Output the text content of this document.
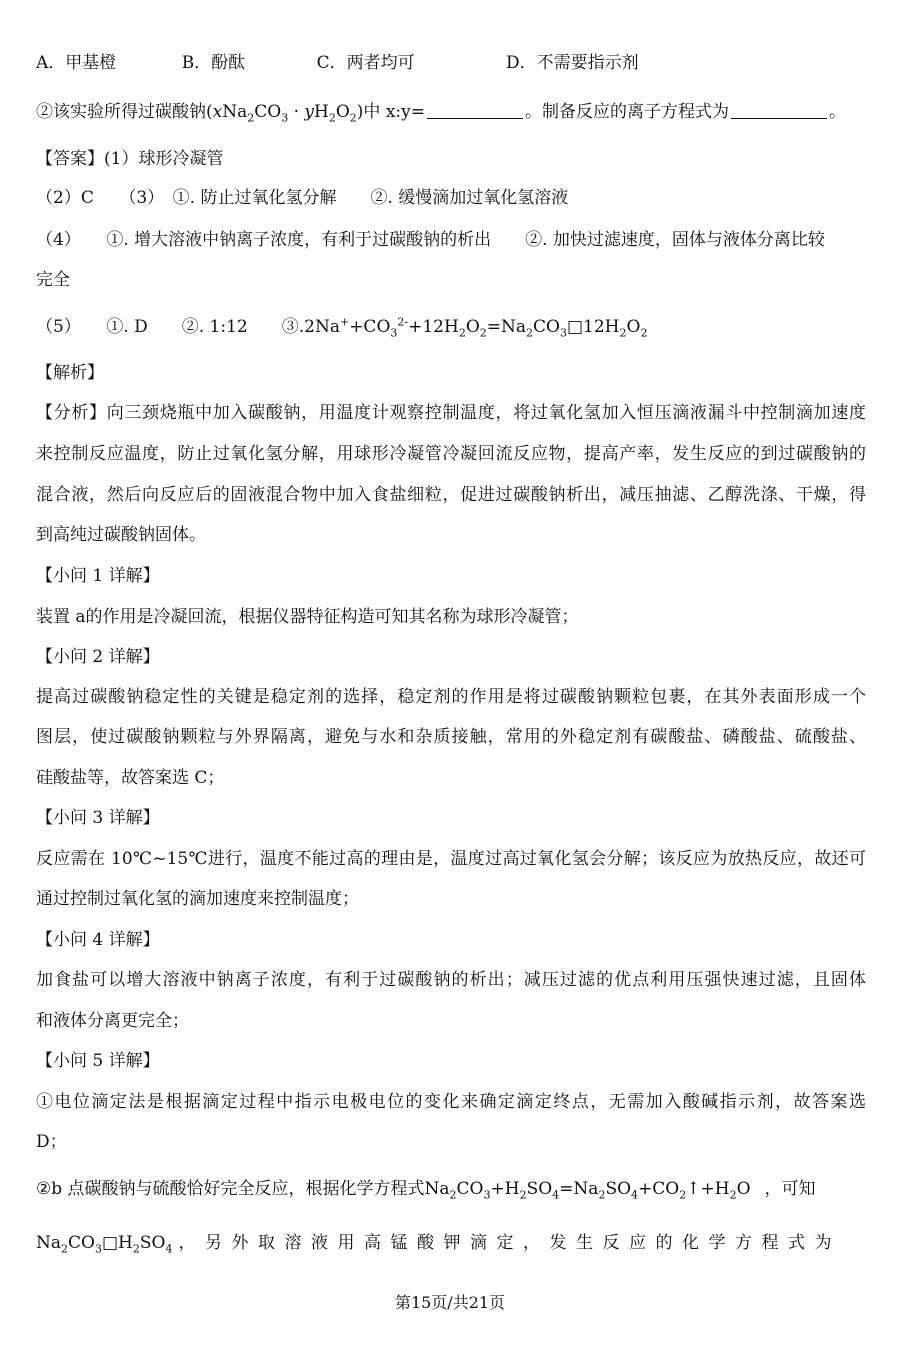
A．甲基橙	B．酚酞	C．两者均可	D．不需要指示剂
②该实验所得过碳酸钠$(xNa_2CO_3 \cdot yH_2O_2)$中 x:y=	。制备反应的离子方程式为	。
【答案】(1）球形冷凝管
（2）C　　（3）　①. 防止过氧化氢分解　　②. 缓慢滴加过氧化氢溶液
（4）　　①. 增大溶液中钠离子浓度，有利于过碳酸钠的析出　　②. 加快过滤速度，固体与液体分离比较
完全
（5）　　①. D　　②. 1:12　　$③.2Na^++CO_3^{2-}+12H_2O_2=Na_2CO_3□12H_2O_2$
【解析】
【分析】向三颈烧瓶中加入碳酸钠，用温度计观察控制温度，将过氧化氢加入恒压滴液漏斗中控制滴加速度
来控制反应温度，防止过氧化氢分解，用球形冷凝管冷凝回流反应物，提高产率，发生反应的到过碳酸钠的
混合液，然后向反应后的固液混合物中加入食盐细粒，促进过碳酸钠析出，减压抽滤、乙醇洗涤、干燥，得
到高纯过碳酸钠固体。
【小问 1 详解】
装置 a的作用是冷凝回流，根据仪器特征构造可知其名称为球形冷凝管；
【小问 2 详解】
提高过碳酸钠稳定性的关键是稳定剂的选择，稳定剂的作用是将过碳酸钠颗粒包裹，在其外表面形成一个
图层，使过碳酸钠颗粒与外界隔离，避免与水和杂质接触，常用的外稳定剂有碳酸盐、磷酸盐、硫酸盐、
硅酸盐等，故答案选 C；
【小问 3 详解】
反应需在 10℃~15℃进行，温度不能过高的理由是，温度过高过氧化氢会分解；该反应为放热反应，故还可
通过控制过氧化氢的滴加速度来控制温度；
【小问 4 详解】
加食盐可以增大溶液中钠离子浓度，有利于过碳酸钠的析出；减压过滤的优点利用压强快速过滤，且固体
和液体分离更完全；
【小问 5 详解】
①电位滴定法是根据滴定过程中指示电极电位的变化来确定滴定终点，无需加入酸碱指示剂，故答案选
D；
②b 点碳酸钠与硫酸恰好完全反应，根据化学方程式$Na_2CO_3+H_2SO_4=Na_2SO_4+CO_2↑+H_2O$ ，可知
$Na_2CO_3□H_2SO_4$ ，另外取溶液用高锰酸钾滴定，发生反应的化学方程式为
第15页/共21页
